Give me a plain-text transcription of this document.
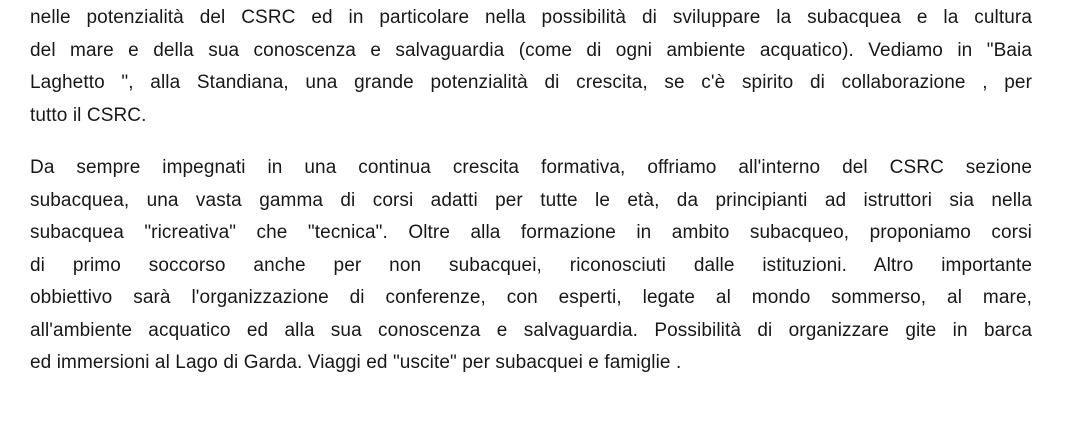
nelle potenzialità del CSRC ed in particolare nella possibilità di sviluppare la subacquea e la cultura
del mare e della sua conoscenza e salvaguardia (come di ogni ambiente acquatico). Vediamo in "Baia
Laghetto ", alla Standiana, una grande potenzialità di crescita, se c'è spirito di collaborazione , per
tutto il CSRC.
Da sempre impegnati in una continua crescita formativa, offriamo all'interno del CSRC sezione
subacquea, una vasta gamma di corsi adatti per tutte le età, da principianti ad istruttori sia nella
subacquea "ricreativa" che "tecnica". Oltre alla formazione in ambito subacqueo, proponiamo corsi
di primo soccorso anche per non subacquei, riconosciuti dalle istituzioni. Altro importante
obbiettivo sarà l'organizzazione di conferenze, con esperti, legate al mondo sommerso, al mare,
all'ambiente acquatico ed alla sua conoscenza e salvaguardia. Possibilità di organizzare gite in barca
ed immersioni al Lago di Garda. Viaggi ed "uscite" per subacquei e famiglie .
